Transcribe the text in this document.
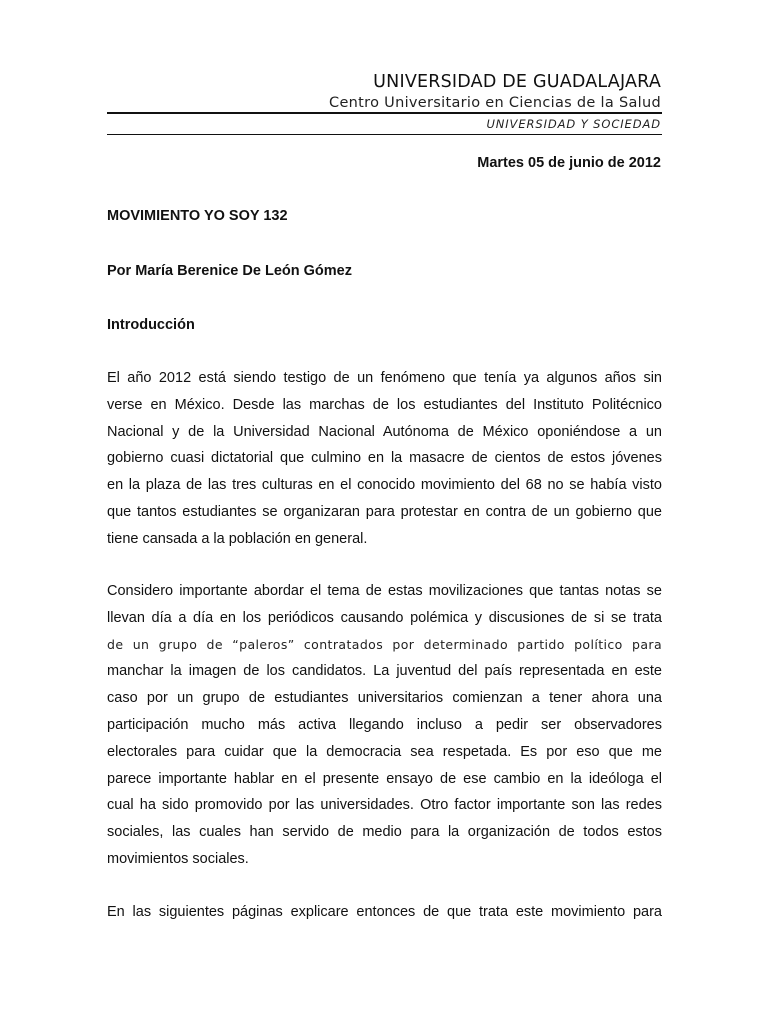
UNIVERSIDAD DE GUADALAJARA
Centro Universitario en Ciencias de la Salud
UNIVERSIDAD Y SOCIEDAD
Martes 05 de junio de 2012
MOVIMIENTO YO SOY 132
Por María Berenice De León Gómez
Introducción
El año 2012 está siendo testigo de un fenómeno que tenía ya algunos años sin
verse en México. Desde las marchas de los estudiantes del Instituto Politécnico
Nacional y de la Universidad Nacional Autónoma de México oponiéndose a un
gobierno cuasi dictatorial que culmino en la masacre de cientos de estos jóvenes
en la plaza de las tres culturas en el conocido movimiento del 68 no se había visto
que tantos estudiantes se organizaran para protestar en contra de un gobierno que
tiene cansada a la población en general.
Considero importante abordar el tema de estas movilizaciones que tantas notas se
llevan día a día en los periódicos causando polémica y discusiones de si se trata
de un grupo de “paleros” contratados por determinado partido político para
manchar la imagen de los candidatos. La juventud del país representada en este
caso por un grupo de estudiantes universitarios comienzan a tener ahora una
participación mucho más activa llegando incluso a pedir ser observadores
electorales para cuidar que la democracia sea respetada. Es por eso que me
parece importante hablar en el presente ensayo de ese cambio en la ideóloga el
cual ha sido promovido por las universidades. Otro factor importante son las redes
sociales, las cuales han servido de medio para la organización de todos estos
movimientos sociales.
En las siguientes páginas explicare entonces de que trata este movimiento para
